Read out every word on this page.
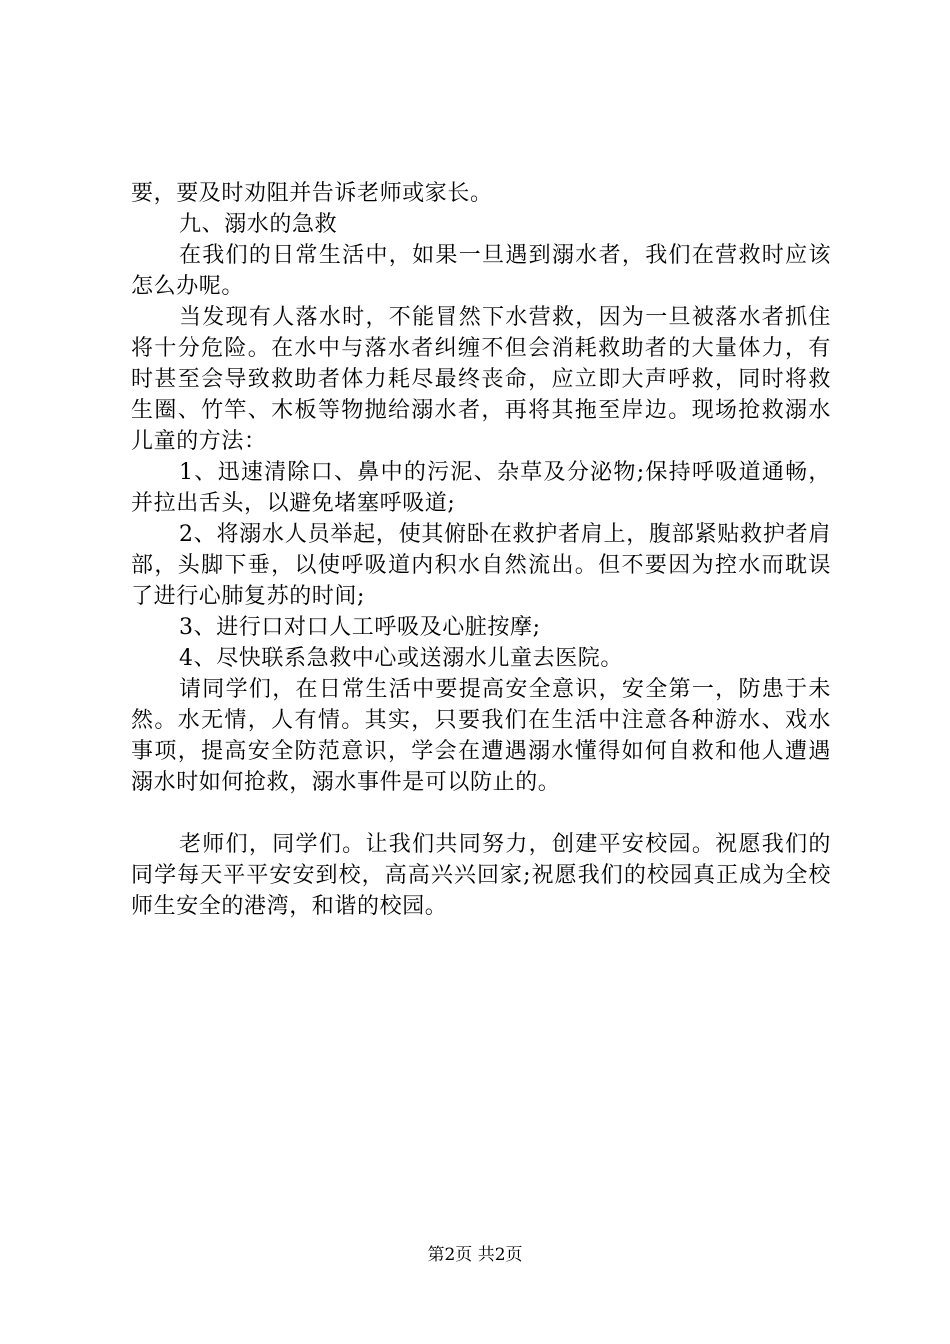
要，要及时劝阻并告诉老师或家长。

九、溺水的急救

在我们的日常生活中，如果一旦遇到溺水者，我们在营救时应该怎么办呢。

当发现有人落水时，不能冒然下水营救，因为一旦被落水者抓住将十分危险。在水中与落水者纠缠不但会消耗救助者的大量体力，有时甚至会导致救助者体力耗尽最终丧命，应立即大声呼救，同时将救生圈、竹竿、木板等物抛给溺水者，再将其拖至岸边。现场抢救溺水儿童的方法：

1、迅速清除口、鼻中的污泥、杂草及分泌物;保持呼吸道通畅，并拉出舌头，以避免堵塞呼吸道;

2、将溺水人员举起，使其俯卧在救护者肩上，腹部紧贴救护者肩部，头脚下垂，以使呼吸道内积水自然流出。但不要因为控水而耽误了进行心肺复苏的时间;

3、进行口对口人工呼吸及心脏按摩;

4、尽快联系急救中心或送溺水儿童去医院。

请同学们，在日常生活中要提高安全意识，安全第一，防患于未然。水无情，人有情。其实，只要我们在生活中注意各种游水、戏水事项，提高安全防范意识，学会在遭遇溺水懂得如何自救和他人遭遇溺水时如何抢救，溺水事件是可以防止的。

老师们，同学们。让我们共同努力，创建平安校园。祝愿我们的同学每天平平安安到校，高高兴兴回家;祝愿我们的校园真正成为全校师生安全的港湾，和谐的校园。

第2页 共2页
